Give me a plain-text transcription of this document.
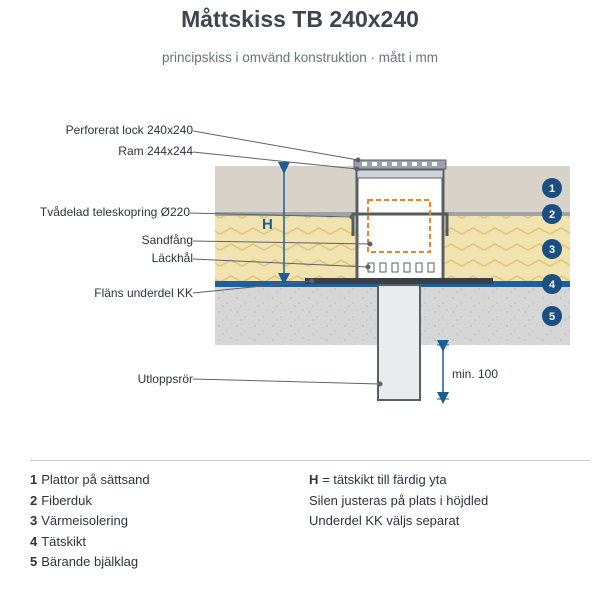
Måttskiss TB 240x240
principskiss i omvänd konstruktion · mått i mm
H
min. 100
Perforerat lock 240x240
Ram 244x244
Tvådelad teleskopring Ø220
Sandfång
Läckhål
Fläns underdel KK
Utloppsrör
1
2
3
4
5
1 Plattor på sättsand
2 Fiberduk
3 Värmeisolering
4 Tätskikt
5 Bärande bjälklag
H = tätskikt till färdig yta
Silen justeras på plats i höjdled
Underdel KK väljs separat
